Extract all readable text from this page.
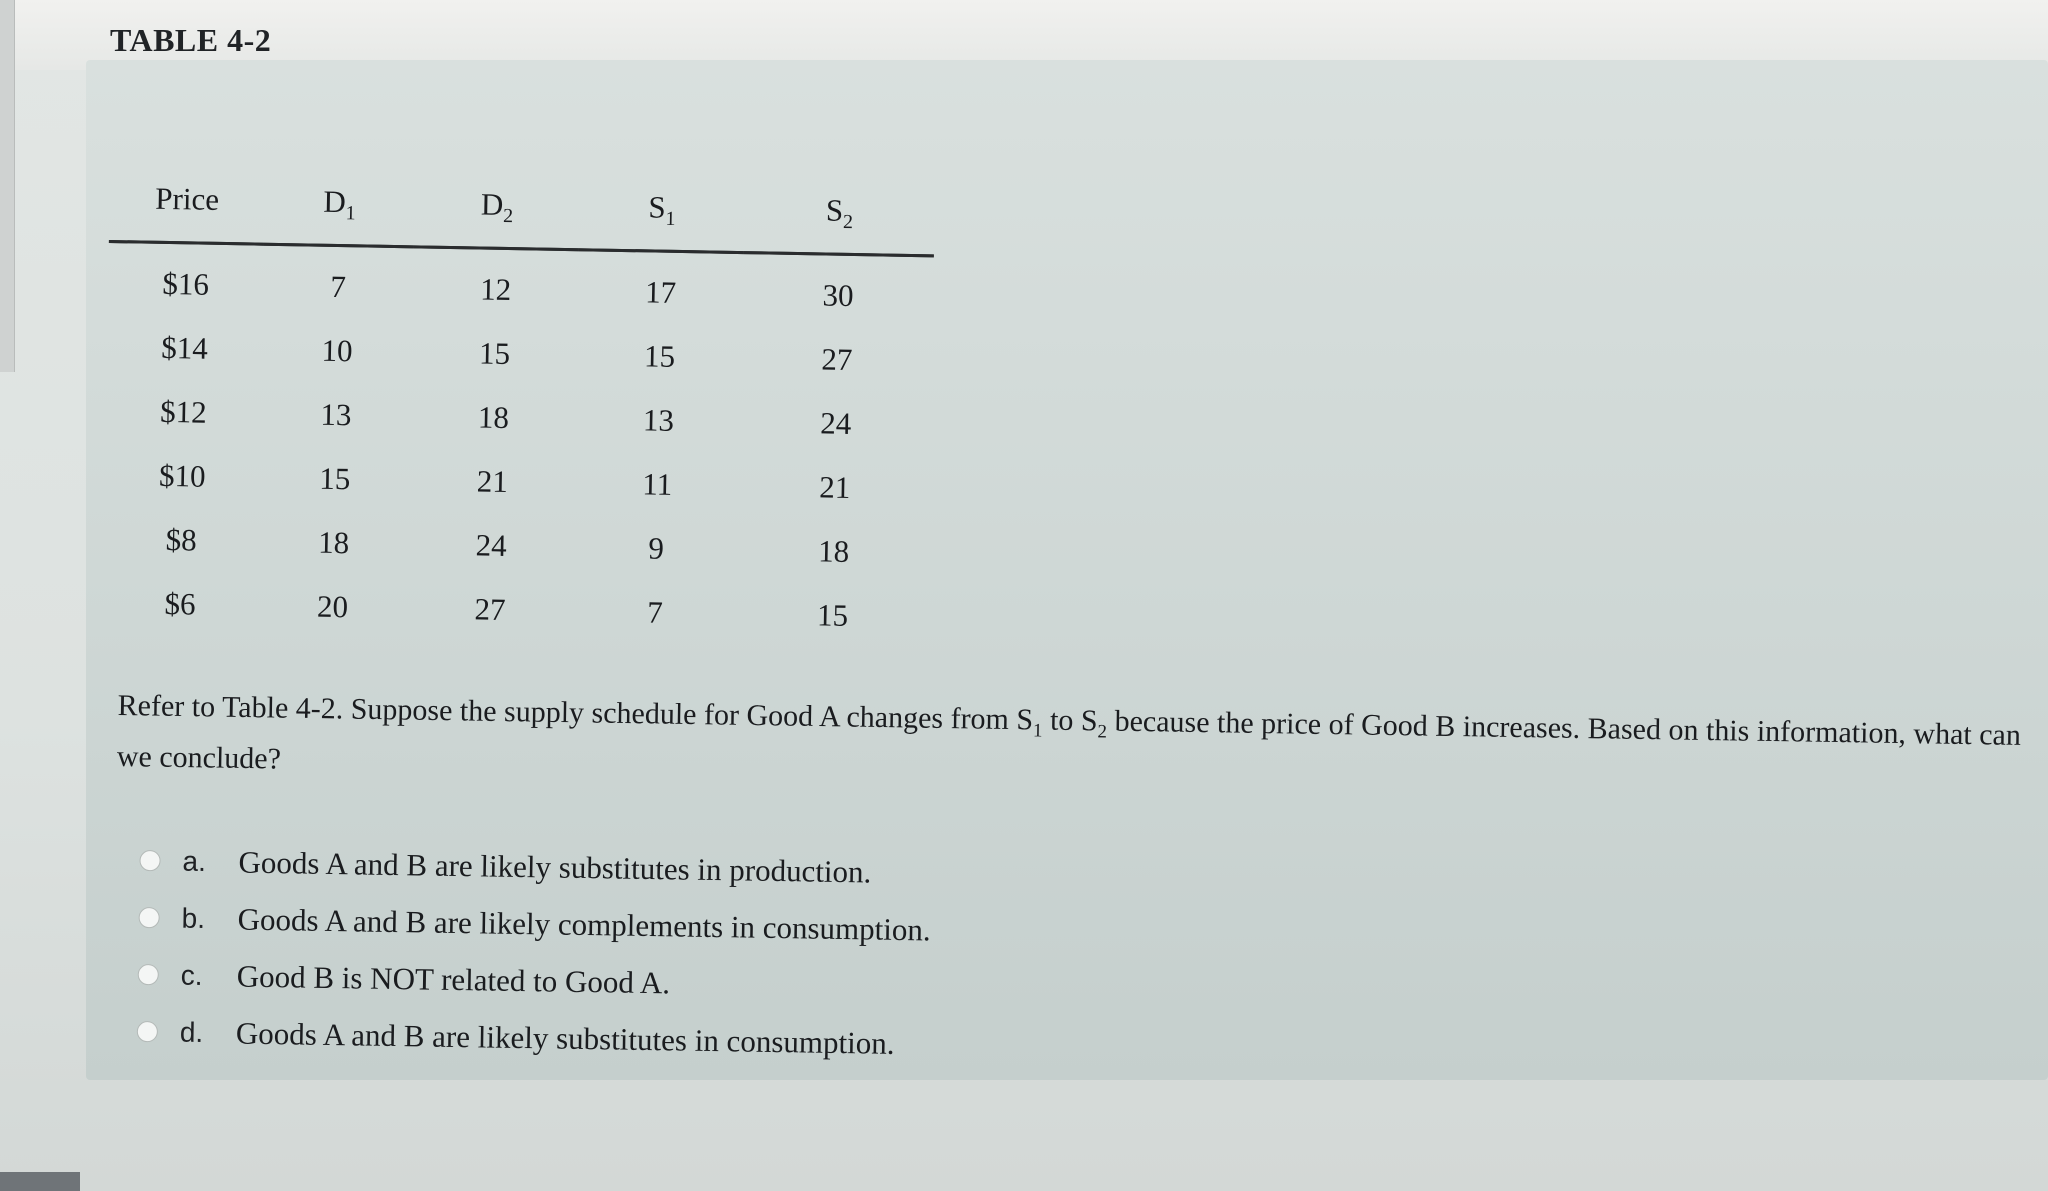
TABLE 4-2
Price	$D_1$	$D_2$	$S_1$	$S_2$
$16	7	12	17	30
$14	10	15	15	27
$12	13	18	13	24
$10	15	21	11	21
$8	18	24	9	18
$6	20	27	7	15
Refer to Table 4-2. Suppose the supply schedule for Good A changes from $S_1$ to $S_2$ because the price of Good B increases. Based on this information, what can we conclude?
a.	Goods A and B are likely substitutes in production.
b.	Goods A and B are likely complements in consumption.
c.	Good B is NOT related to Good A.
d.	Goods A and B are likely substitutes in consumption.
